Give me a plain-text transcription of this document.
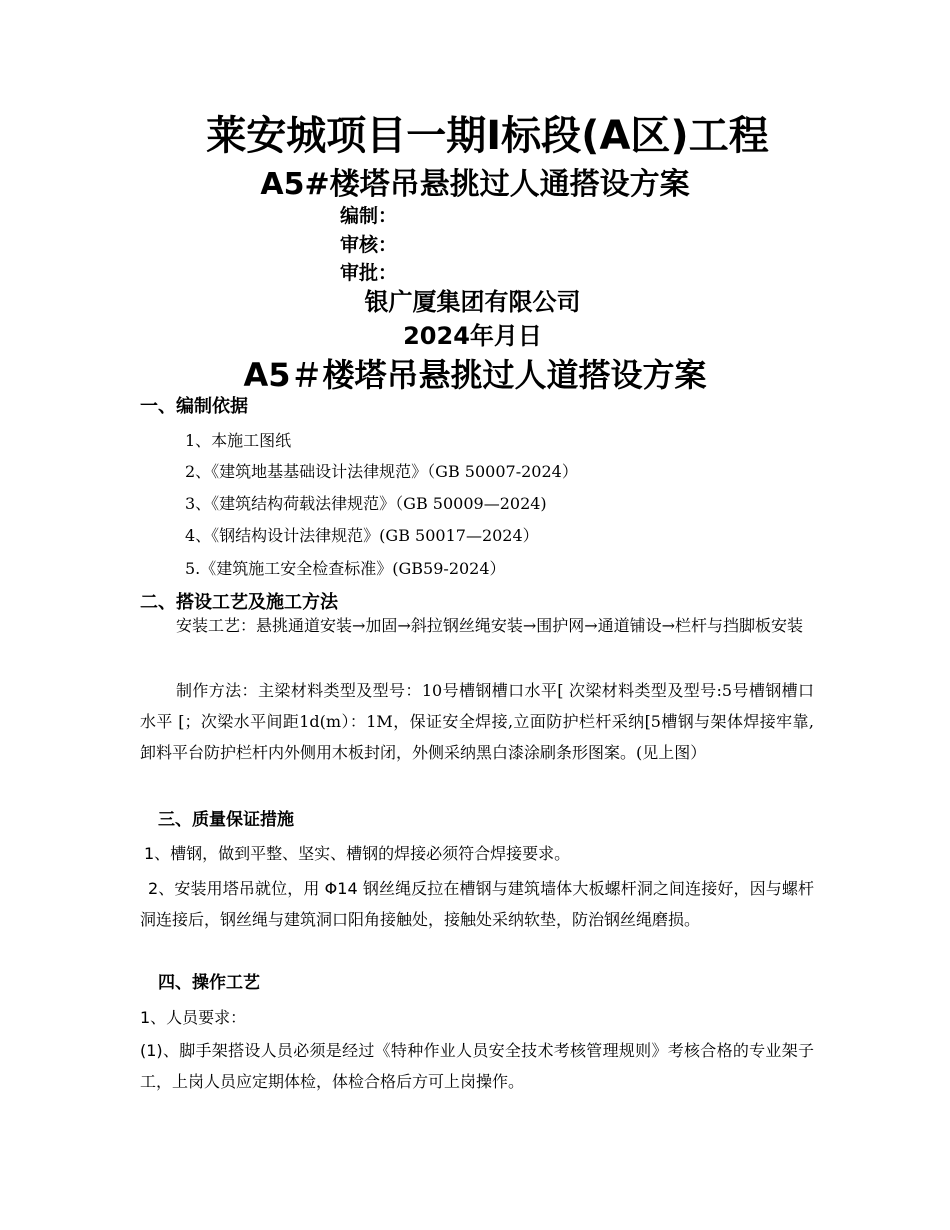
莱安城项目一期Ⅰ标段(A区)工程
A5#楼塔吊悬挑过人通搭设方案
编制：
审核：
审批：
银广厦集团有限公司
2024年月日
A5＃楼塔吊悬挑过人道搭设方案
一、编制依据
1、本施工图纸
2、《建筑地基基础设计法律规范》（GB 50007-2024）
3、《建筑结构荷载法律规范》（GB 50009—2024)
4、《钢结构设计法律规范》(GB 50017—2024）
5.《建筑施工安全检查标准》(GB59-2024）
二、搭设工艺及施工方法
安装工艺：悬挑通道安装→加固→斜拉钢丝绳安装→围护网→通道铺设→栏杆与挡脚板安装
制作方法：主梁材料类型及型号：10号槽钢槽口水平[ 次梁材料类型及型号:5号槽钢槽口水平 [；次梁水平间距1d(m）：1M，保证安全焊接,立面防护栏杆采纳[5槽钢与架体焊接牢靠,卸料平台防护栏杆内外侧用木板封闭，外侧采纳黑白漆涂刷条形图案。(见上图）
三、质量保证措施
1、槽钢，做到平整、坚实、槽钢的焊接必须符合焊接要求。
2、安装用塔吊就位，用 Φ14 钢丝绳反拉在槽钢与建筑墙体大板螺杆洞之间连接好，因与螺杆洞连接后，钢丝绳与建筑洞口阳角接触处，接触处采纳软垫，防治钢丝绳磨损。
四、操作工艺
1、人员要求：
(1)、脚手架搭设人员必须是经过《特种作业人员安全技术考核管理规则》考核合格的专业架子工，上岗人员应定期体检，体检合格后方可上岗操作。
